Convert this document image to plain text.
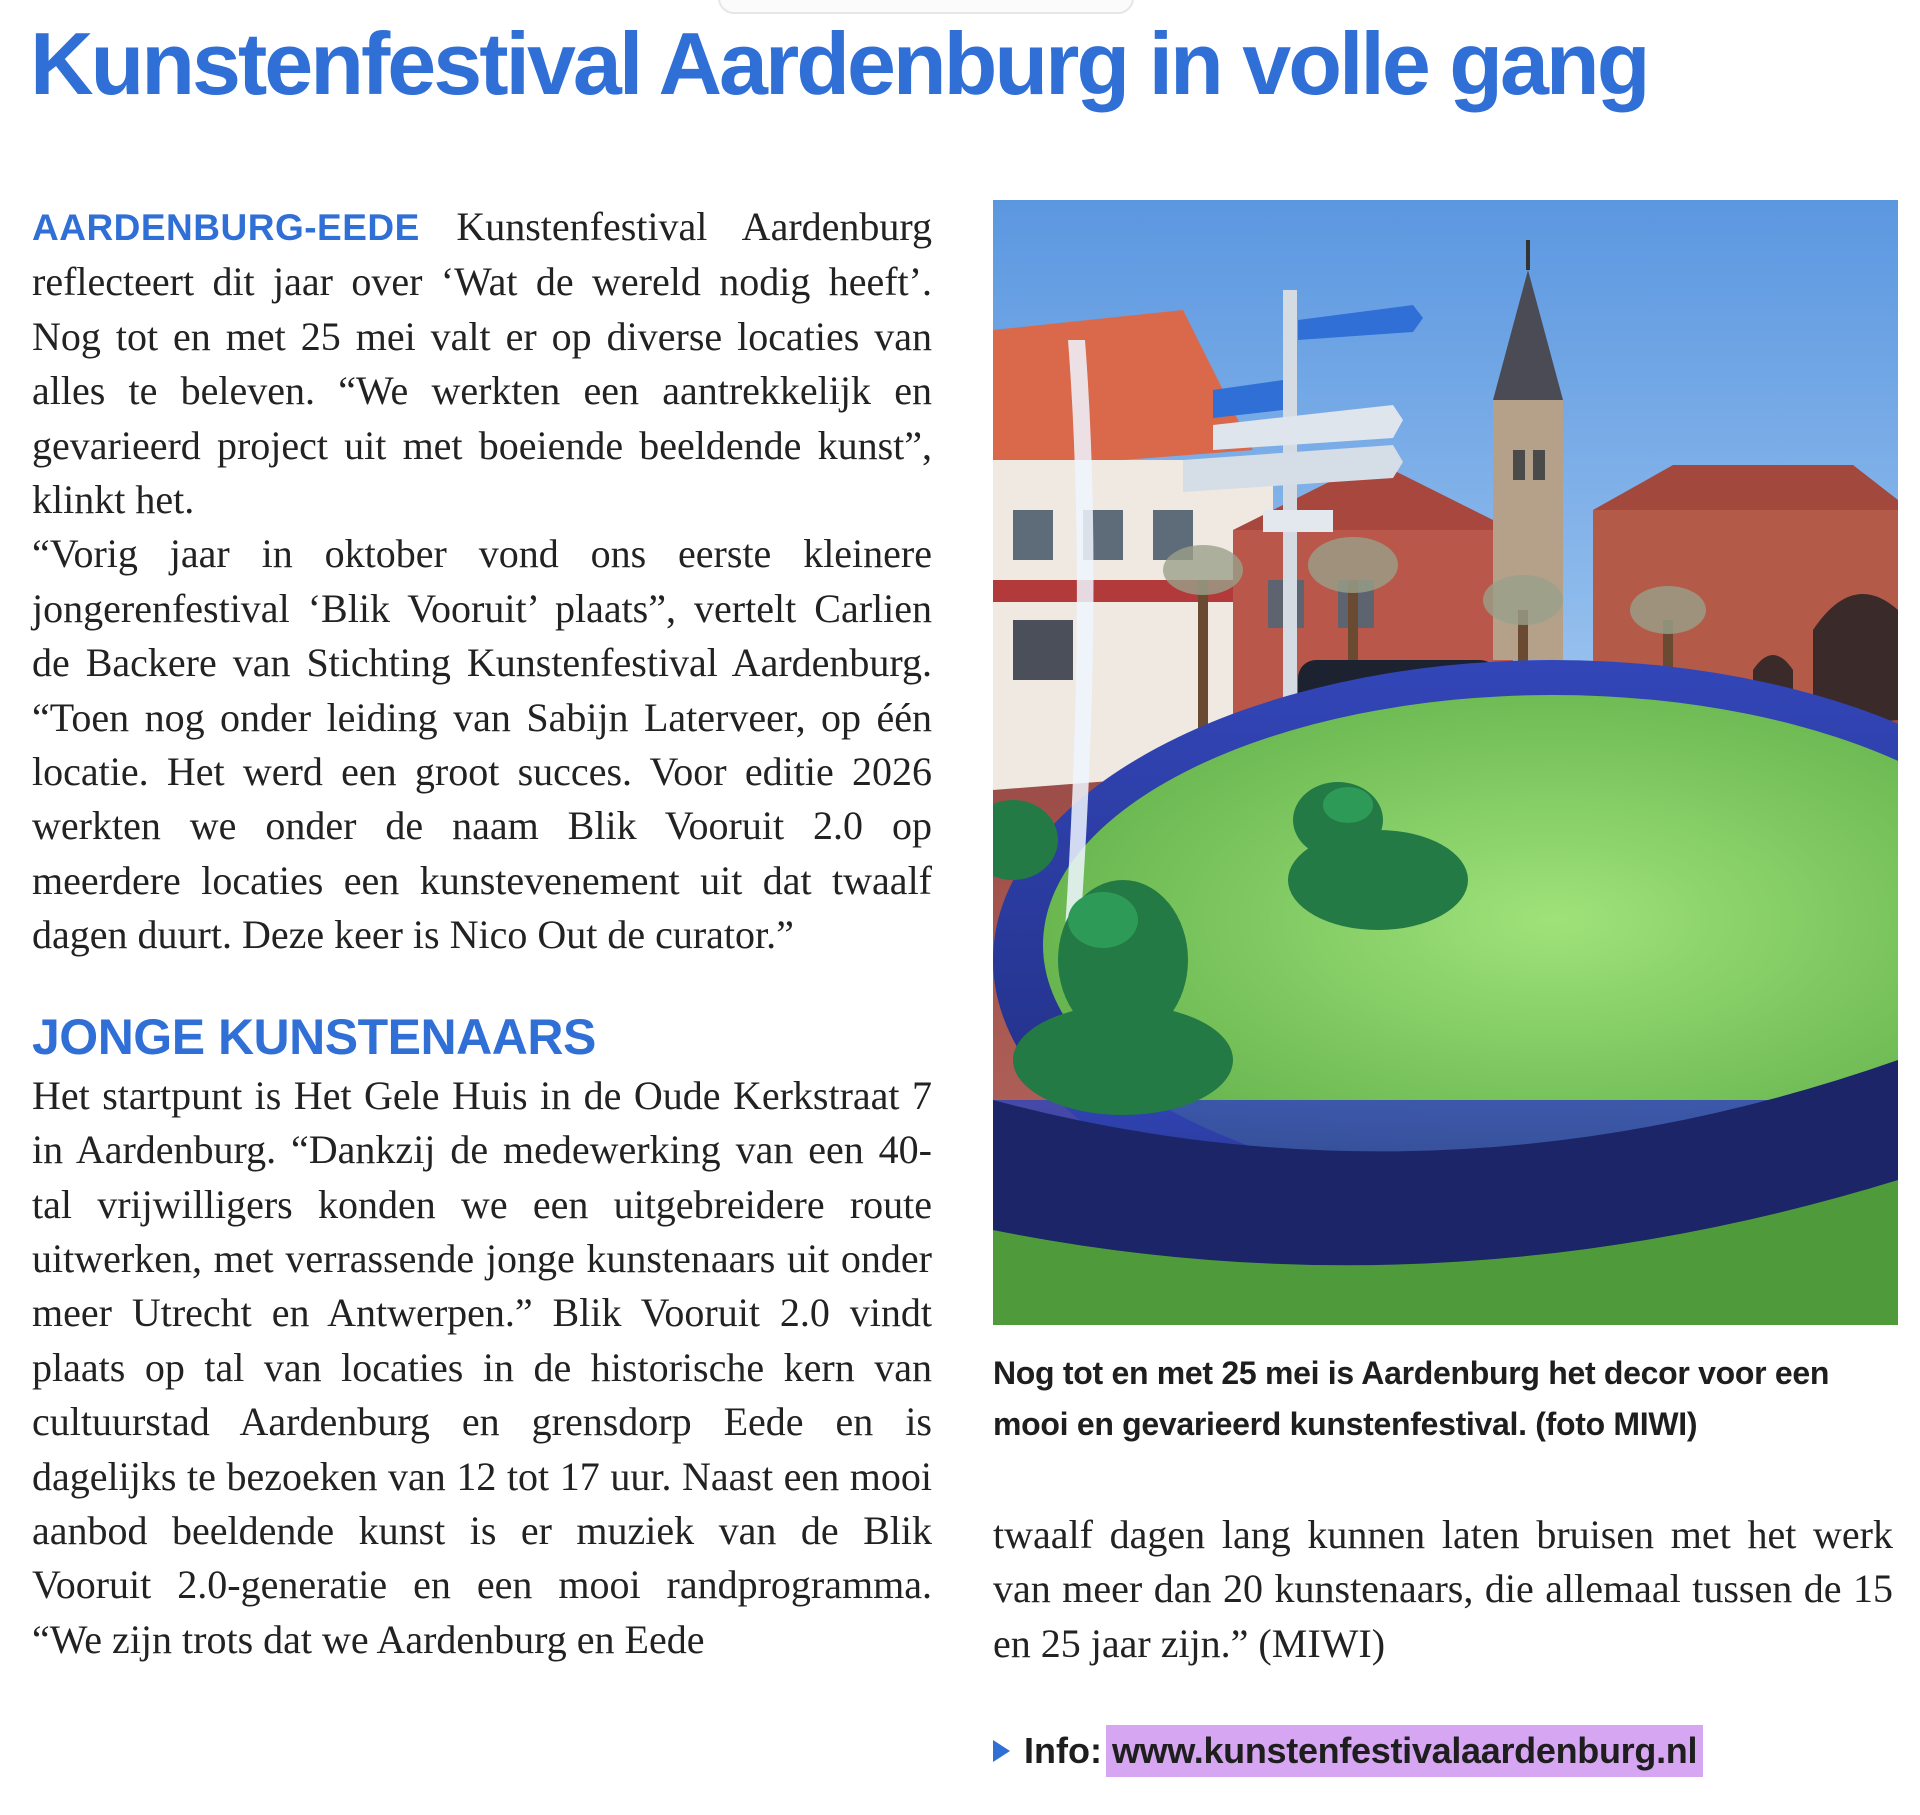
Kunstenfestival Aardenburg in volle gang

AARDENBURG-EEDE Kunstenfestival Aardenburg reflecteert dit jaar over ‘Wat de wereld nodig heeft’. Nog tot en met 25 mei valt er op diverse locaties van alles te beleven. “We werkten een aantrekkelijk en gevarieerd project uit met boeiende beeldende kunst”, klinkt het.

“Vorig jaar in oktober vond ons eerste kleinere jongerenfestival ‘Blik Vooruit’ plaats”, vertelt Carlien de Backere van Stichting Kunstenfestival Aardenburg. “Toen nog onder leiding van Sabijn Laterveer, op één locatie. Het werd een groot succes. Voor editie 2026 werkten we onder de naam Blik Vooruit 2.0 op meerdere locaties een kunstevenement uit dat twaalf dagen duurt. Deze keer is Nico Out de curator.”

JONGE KUNSTENAARS

Het startpunt is Het Gele Huis in de Oude Kerkstraat 7 in Aardenburg. “Dankzij de medewerking van een 40-tal vrijwilligers konden we een uitgebreidere route uitwerken, met verrassende jonge kunstenaars uit onder meer Utrecht en Antwerpen.” Blik Vooruit 2.0 vindt plaats op tal van locaties in de historische kern van cultuurstad Aardenburg en grensdorp Eede en is dagelijks te bezoeken van 12 tot 17 uur. Naast een mooi aanbod beeldende kunst is er muziek van de Blik Vooruit 2.0-generatie en een mooi randprogramma. “We zijn trots dat we Aardenburg en Eede

Nog tot en met 25 mei is Aardenburg het decor voor een mooi en gevarieerd kunstenfestival. (foto MIWI)

twaalf dagen lang kunnen laten bruisen met het werk van meer dan 20 kunstenaars, die allemaal tussen de 15 en 25 jaar zijn.” (MIWI)

Info: www.kunstenfestivalaardenburg.nl
